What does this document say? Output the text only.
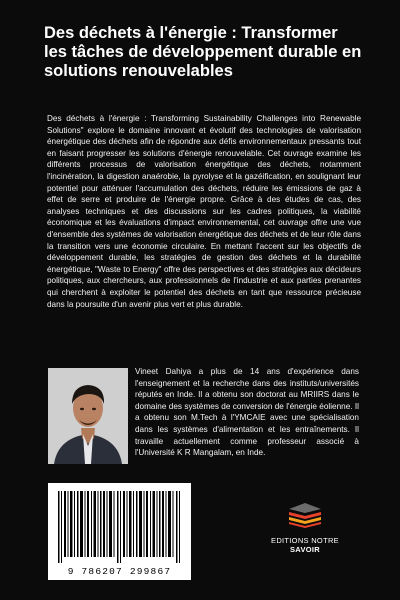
Des déchets à l'énergie : Transformer les tâches de développement durable en solutions renouvelables
Des déchets à l'énergie : Transforming Sustainability Challenges into Renewable Solutions" explore le domaine innovant et évolutif des technologies de valorisation énergétique des déchets afin de répondre aux défis environnementaux pressants tout en faisant progresser les solutions d'énergie renouvelable. Cet ouvrage examine les différents processus de valorisation énergétique des déchets, notamment l'incinération, la digestion anaérobie, la pyrolyse et la gazéification, en soulignant leur potentiel pour atténuer l'accumulation des déchets, réduire les émissions de gaz à effet de serre et produire de l'énergie propre. Grâce à des études de cas, des analyses techniques et des discussions sur les cadres politiques, la viabilité économique et les évaluations d'impact environnemental, cet ouvrage offre une vue d'ensemble des systèmes de valorisation énergétique des déchets et de leur rôle dans la transition vers une économie circulaire. En mettant l'accent sur les objectifs de développement durable, les stratégies de gestion des déchets et la durabilité énergétique, "Waste to Energy" offre des perspectives et des stratégies aux décideurs politiques, aux chercheurs, aux professionnels de l'industrie et aux parties prenantes qui cherchent à exploiter le potentiel des déchets en tant que ressource précieuse dans la poursuite d'un avenir plus vert et plus durable.
Vineet Dahiya a plus de 14 ans d'expérience dans l'enseignement et la recherche dans des instituts/universités réputés en Inde. Il a obtenu son doctorat au MRIIRS dans le domaine des systèmes de conversion de l'énergie éolienne. Il a obtenu son M.Tech à l'YMCAIE avec une spécialisation dans les systèmes d'alimentation et les entraînements. Il travaille actuellement comme professeur associé à l'Université K R Mangalam, en Inde.
9 786207 299867
EDITIONS NOTRE SAVOIR
